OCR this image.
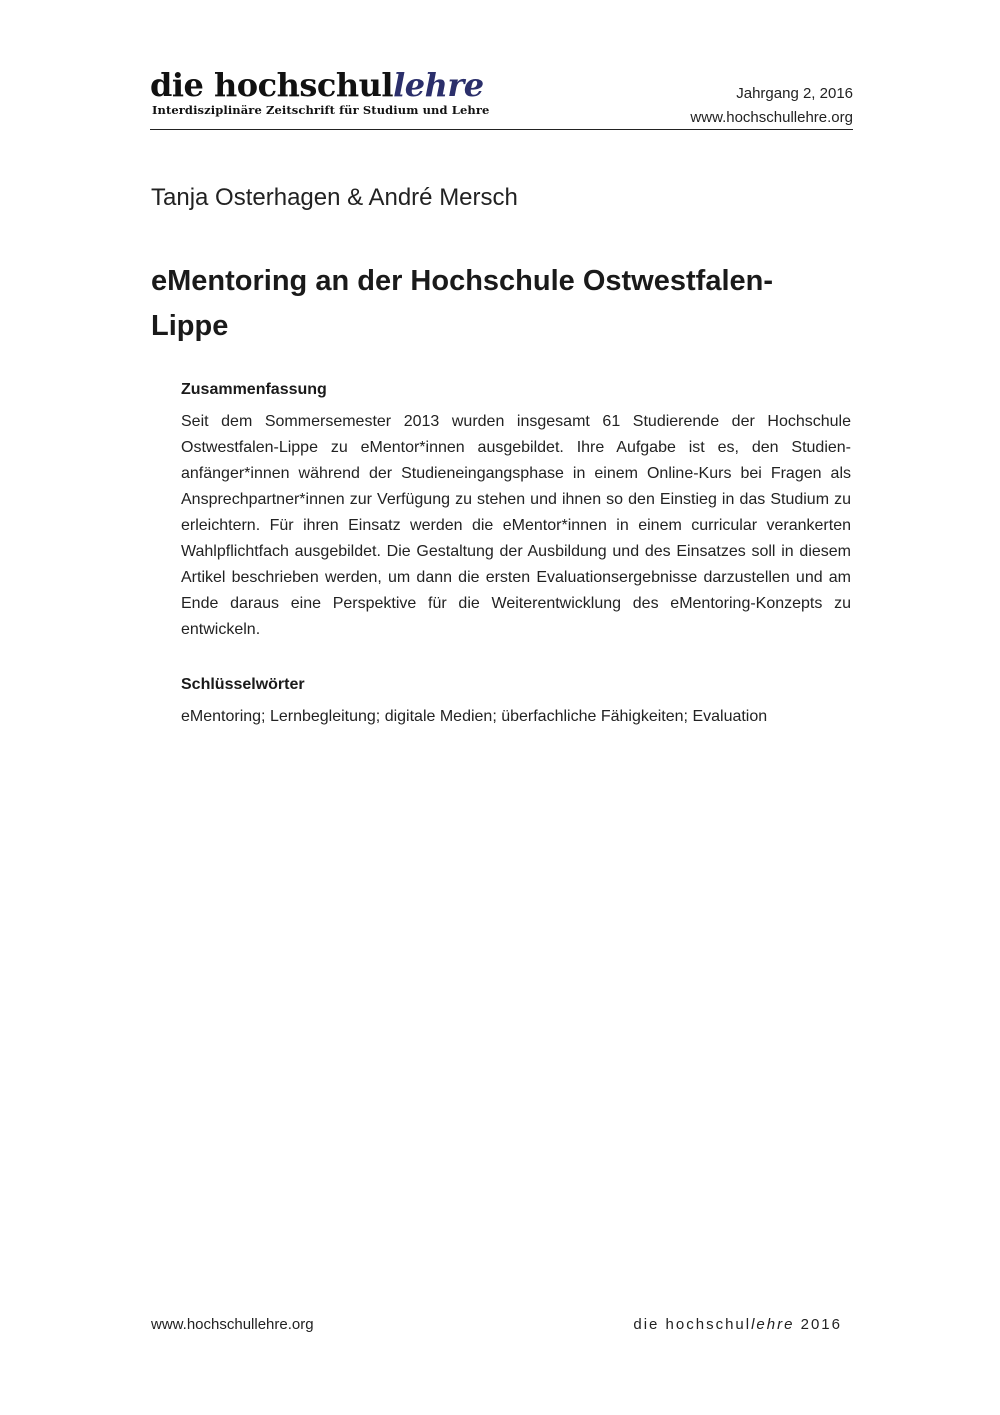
die hochschullehre
Interdisziplinäre Zeitschrift für Studium und Lehre
Jahrgang 2, 2016
www.hochschullehre.org
Tanja Osterhagen & André Mersch
eMentoring an der Hochschule Ostwestfalen-Lippe

Zusammenfassung

Seit dem Sommersemester 2013 wurden insgesamt 61 Studierende der Hochschule Ostwestfalen-Lippe zu eMentor*innen ausgebildet. Ihre Aufgabe ist es, den Studienanfänger*innen während der Studieneingangsphase in einem Online-Kurs bei Fragen als Ansprechpartner*innen zur Verfügung zu stehen und ihnen so den Einstieg in das Studium zu erleichtern. Für ihren Einsatz werden die eMentor*innen in einem curricular verankerten Wahlpflichtfach ausgebildet. Die Gestaltung der Ausbildung und des Einsatzes soll in diesem Artikel beschrieben werden, um dann die ersten Evaluationsergebnisse darzustellen und am Ende daraus eine Perspektive für die Weiterentwicklung des eMentoring-Konzepts zu entwickeln.

Schlüsselwörter

eMentoring; Lernbegleitung; digitale Medien; überfachliche Fähigkeiten; Evaluation
www.hochschullehre.org	die hochschullehre 2016
